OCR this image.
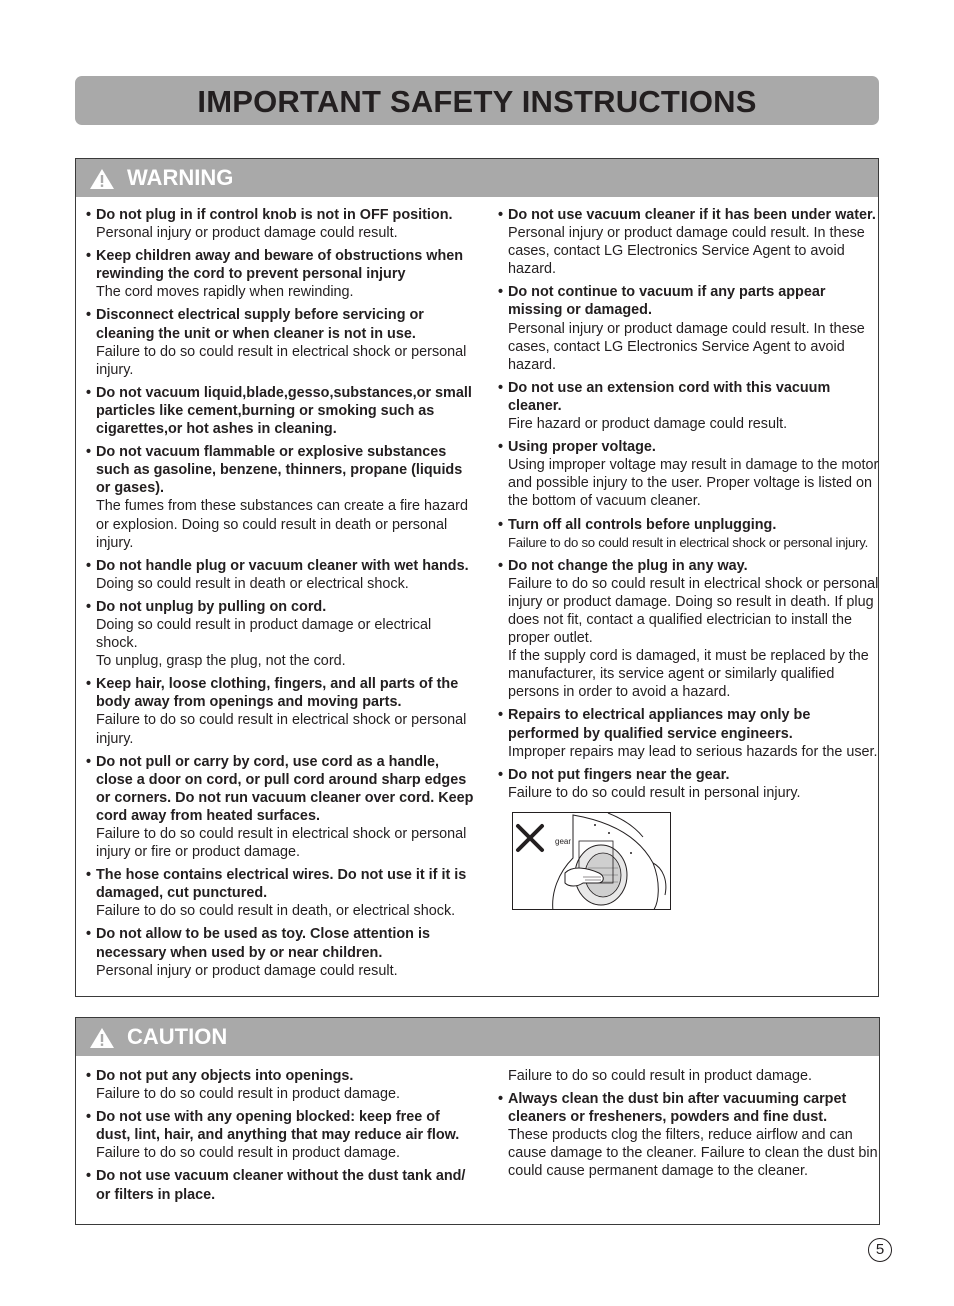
IMPORTANT SAFETY INSTRUCTIONS
WARNING
• Do not plug in if control knob is not in OFF position.
Personal injury or product damage could result.
• Keep children away and beware of obstructions when rewinding the cord to prevent personal injury
The cord moves rapidly when rewinding.
• Disconnect electrical supply before servicing or cleaning the unit or when cleaner is not in use.
Failure to do so could result in electrical shock or personal injury.
• Do not vacuum liquid,blade,gesso,substances,or small particles like cement,burning or smoking such as cigarettes,or hot ashes in cleaning.
• Do not vacuum flammable or explosive substances such as gasoline, benzene, thinners, propane (liquids or gases).
The fumes from these substances can create a fire hazard or explosion. Doing so could result in death or personal injury.
• Do not handle plug or vacuum cleaner with wet hands.
Doing so could result in death or electrical shock.
• Do not unplug by pulling on cord.
Doing so could result in product damage or electrical shock.
To unplug, grasp the plug, not the cord.
• Keep hair, loose clothing, fingers, and all parts of the body away from openings and moving parts.
Failure to do so could result in electrical shock or personal injury.
• Do not pull or carry by cord, use cord as a handle, close a door on cord, or pull cord around sharp edges or corners. Do not run vacuum cleaner over cord. Keep cord away from heated surfaces.
Failure to do so could result in electrical shock or personal injury or fire or product damage.
• The hose contains electrical wires. Do not use it if it is damaged, cut punctured.
Failure to do so could result in death, or electrical shock.
• Do not allow to be used as toy. Close attention is necessary when used by or near children.
Personal injury or product damage could result.
• Do not use vacuum cleaner if it has been under water.
Personal injury or product damage could result. In these cases, contact LG Electronics Service Agent to avoid hazard.
• Do not continue to vacuum if any parts appear missing or damaged.
Personal injury or product damage could result. In these cases, contact LG Electronics Service Agent to avoid hazard.
• Do not use an extension cord with this vacuum cleaner.
Fire hazard or product damage could result.
• Using proper voltage.
Using improper voltage may result in damage to the motor and possible injury to the user. Proper voltage is listed on the bottom of vacuum cleaner.
• Turn off all controls before unplugging.
Failure to do so could result in electrical shock or personal injury.
• Do not change the plug in any way.
Failure to do so could result in electrical shock or personal injury or product damage. Doing so result in death. If plug does not fit, contact a qualified electrician to install the proper outlet.
If the supply cord is damaged, it must be replaced by the manufacturer, its service agent or similarly qualified persons in order to avoid a hazard.
• Repairs to electrical appliances may only be performed by qualified service engineers.
Improper repairs may lead to serious hazards for the user.
• Do not put fingers near the gear.
Failure to do so could result in personal injury.
gear
CAUTION
• Do not put any objects into openings.
Failure to do so could result in product damage.
• Do not use with any opening blocked: keep free of dust, lint, hair, and anything that may reduce air flow.
Failure to do so could result in product damage.
• Do not use vacuum cleaner without the dust tank and/ or filters in place.
Failure to do so could result in product damage.
• Always clean the dust bin after vacuuming carpet cleaners or fresheners, powders and fine dust.
These products clog the filters, reduce airflow and can cause damage to the cleaner. Failure to clean the dust bin could cause permanent damage to the cleaner.
5
